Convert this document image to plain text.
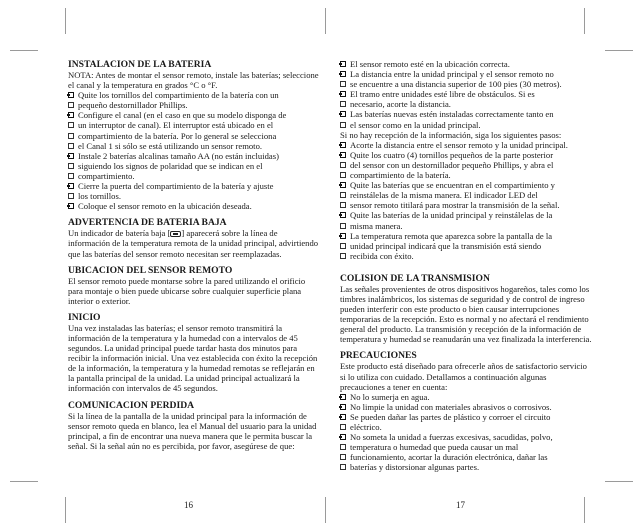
INSTALACION DE LA BATERIA

NOTA: Antes de montar el sensor remoto, instale las baterías; seleccione el canal y la temperatura en grados °C o °F.

Quite los tornillos del compartimiento de la batería con un
pequeño destornillador Phillips.
Configure el canal (en el caso en que su modelo disponga de
un interruptor de canal). El interruptor está ubicado en el
compartimiento de la batería. Por lo general se selecciona
el Canal 1 si sólo se está utilizando un sensor remoto.
Instale 2 baterías alcalinas tamaño AA (no están incluidas)
siguiendo los signos de polaridad que se indican en el
compartimiento.
Cierre la puerta del compartimiento de la batería y ajuste
los tornillos.
Coloque el sensor remoto en la ubicación deseada.
ADVERTENCIA DE BATERIA BAJA

Un indicador de batería baja [ ] aparecerá sobre la línea de información de la temperatura remota de la unidad principal, advirtiendo que las baterías del sensor remoto necesitan ser reemplazadas.

UBICACION DEL SENSOR REMOTO

El sensor remoto puede montarse sobre la pared utilizando el orificio para montaje o bien puede ubicarse sobre cualquier superficie plana interior o exterior.

INICIO

Una vez instaladas las baterías; el sensor remoto transmitirá la información de la temperatura y la humedad con a intervalos de 45 segundos. La unidad principal puede tardar hasta dos minutos para recibir la información inicial. Una vez establecida con éxito la recepción de la información, la temperatura y la humedad remotas se reflejarán en la pantalla principal de la unidad. La unidad principal actualizará la información con intervalos de 45 segundos.

COMUNICACION PERDIDA

Si la línea de la pantalla de la unidad principal para la información de sensor remoto queda en blanco, lea el Manual del usuario para la unidad principal, a fin de encontrar una nueva manera que le permita buscar la señal. Si la señal aún no es percibida, por favor, asegúrese de que:

16
El sensor remoto esté en la ubicación correcta.
La distancia entre la unidad principal y el sensor remoto no
se encuentre a una distancia superior de 100 pies (30 metros).
El tramo entre unidades esté libre de obstáculos. Si es
necesario, acorte la distancia.
Las baterías nuevas estén instaladas correctamente tanto en
el sensor como en la unidad principal.

Si no hay recepción de la información, siga los siguientes pasos:

Acorte la distancia entre el sensor remoto y la unidad principal.
Quite los cuatro (4) tornillos pequeños de la parte posterior
del sensor con un destornillador pequeño Phillips, y abra el
compartimiento de la batería.
Quite las baterías que se encuentran en el compartimiento y
reinstálelas de la misma manera. El indicador LED del
sensor remoto titilará para mostrar la transmisión de la señal.
Quite las baterías de la unidad principal y reinstálelas de la
misma manera.
La temperatura remota que aparezca sobre la pantalla de la
unidad principal indicará que la transmisión está siendo
recibida con éxito.
COLISION DE LA TRANSMISION

Las señales provenientes de otros dispositivos hogareños, tales como los timbres inalámbricos, los sistemas de seguridad y de control de ingreso pueden interferir con este producto o bien causar interrupciones temporarias de la recepción. Esto es normal y no afectará el rendimiento general del producto. La transmisión y recepción de la información de temperatura y humedad se reanudarán una vez finalizada la interferencia.

PRECAUCIONES

Este producto está diseñado para ofrecerle años de satisfactorio servicio si lo utiliza con cuidado. Detallamos a continuación algunas precauciones a tener en cuenta:

No lo sumerja en agua.
No limpie la unidad con materiales abrasivos o corrosivos.
Se pueden dañar las partes de plástico y corroer el circuito
eléctrico.
No someta la unidad a fuerzas excesivas, sacudidas, polvo,
temperatura o humedad que pueda causar un mal
funcionamiento, acortar la duración electrónica, dañar las
baterías y distorsionar algunas partes.
17
